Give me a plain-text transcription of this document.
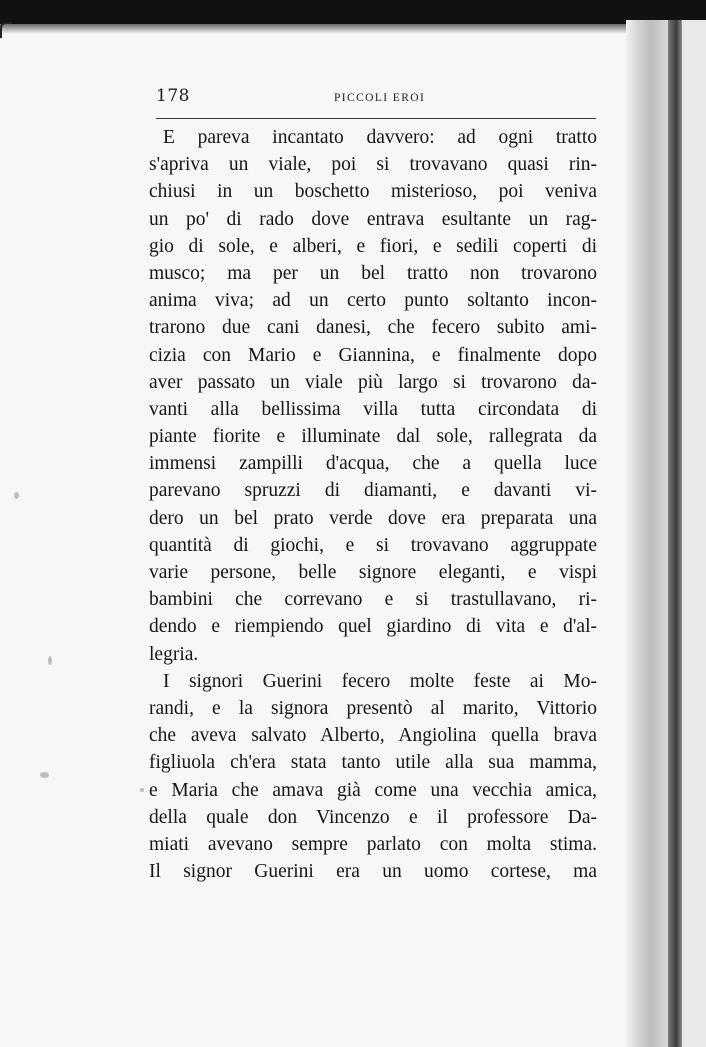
178	PICCOLI EROI
E pareva incantato davvero: ad ogni tratto
s'apriva un viale, poi si trovavano quasi rin-
chiusi in un boschetto misterioso, poi veniva
un po' di rado dove entrava esultante un rag-
gio di sole, e alberi, e fiori, e sedili coperti di
musco; ma per un bel tratto non trovarono
anima viva; ad un certo punto soltanto incon-
trarono due cani danesi, che fecero subito ami-
cizia con Mario e Giannina, e finalmente dopo
aver passato un viale più largo si trovarono da-
vanti alla bellissima villa tutta circondata di
piante fiorite e illuminate dal sole, rallegrata da
immensi zampilli d'acqua, che a quella luce
parevano spruzzi di diamanti, e davanti vi-
dero un bel prato verde dove era preparata una
quantità di giochi, e si trovavano aggruppate
varie persone, belle signore eleganti, e vispi
bambini che correvano e si trastullavano, ri-
dendo e riempiendo quel giardino di vita e d'al-
legria.
I signori Guerini fecero molte feste ai Mo-
randi, e la signora presentò al marito, Vittorio
che aveva salvato Alberto, Angiolina quella brava
figliuola ch'era stata tanto utile alla sua mamma,
e Maria che amava già come una vecchia amica,
della quale don Vincenzo e il professore Da-
miati avevano sempre parlato con molta stima.
Il signor Guerini era un uomo cortese, ma
